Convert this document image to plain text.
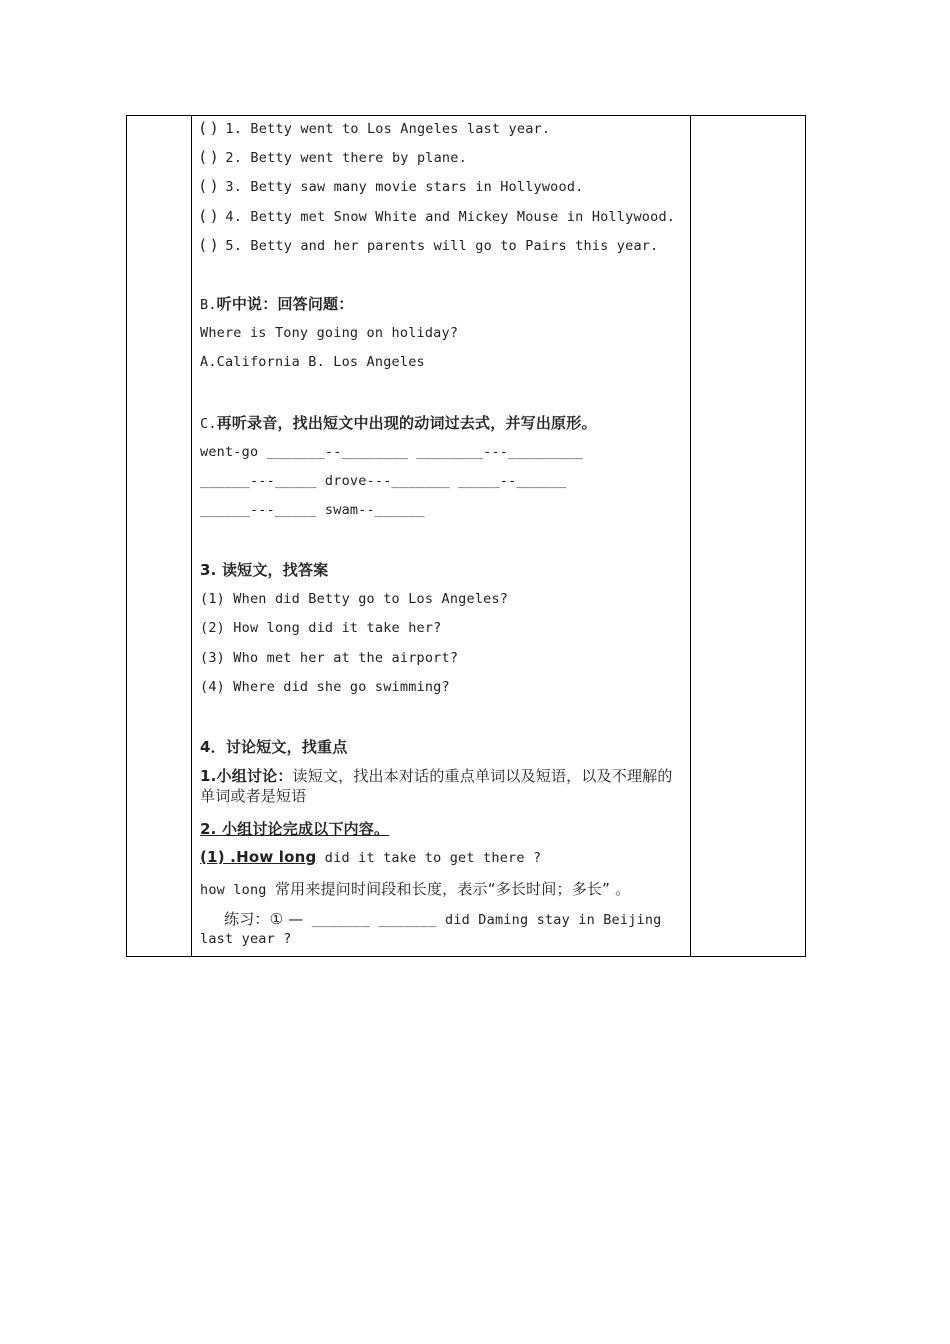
( ) 1. Betty went to Los Angeles last year.
( ) 2. Betty went there by plane.
( ) 3. Betty saw many movie stars in Hollywood.
( ) 4. Betty met Snow White and Mickey Mouse in Hollywood.
( ) 5. Betty and her parents will go to Pairs this year.
B.听中说：回答问题：
Where is Tony going on holiday?
A.California B. Los Angeles
C.再听录音，找出短文中出现的动词过去式，并写出原形。
went-go _______--________ ________---_________
______---_____ drove---_______ _____--______
______---_____ swam--______
3. 读短文，找答案
(1) When did Betty go to Los Angeles?
(2) How long did it take her?
(3) Who met her at the airport?
(4) Where did she go swimming?
4．讨论短文，找重点
1.小组讨论：读短文，找出本对话的重点单词以及短语，以及不理解的单词或者是短语
2. 小组讨论完成以下内容。
(1) .How long did it take to get there ?
how long 常用来提问时间段和长度，表示“多长时间；多长” 。
练习：① — _______ _______ did Daming stay in Beijing last year ?
